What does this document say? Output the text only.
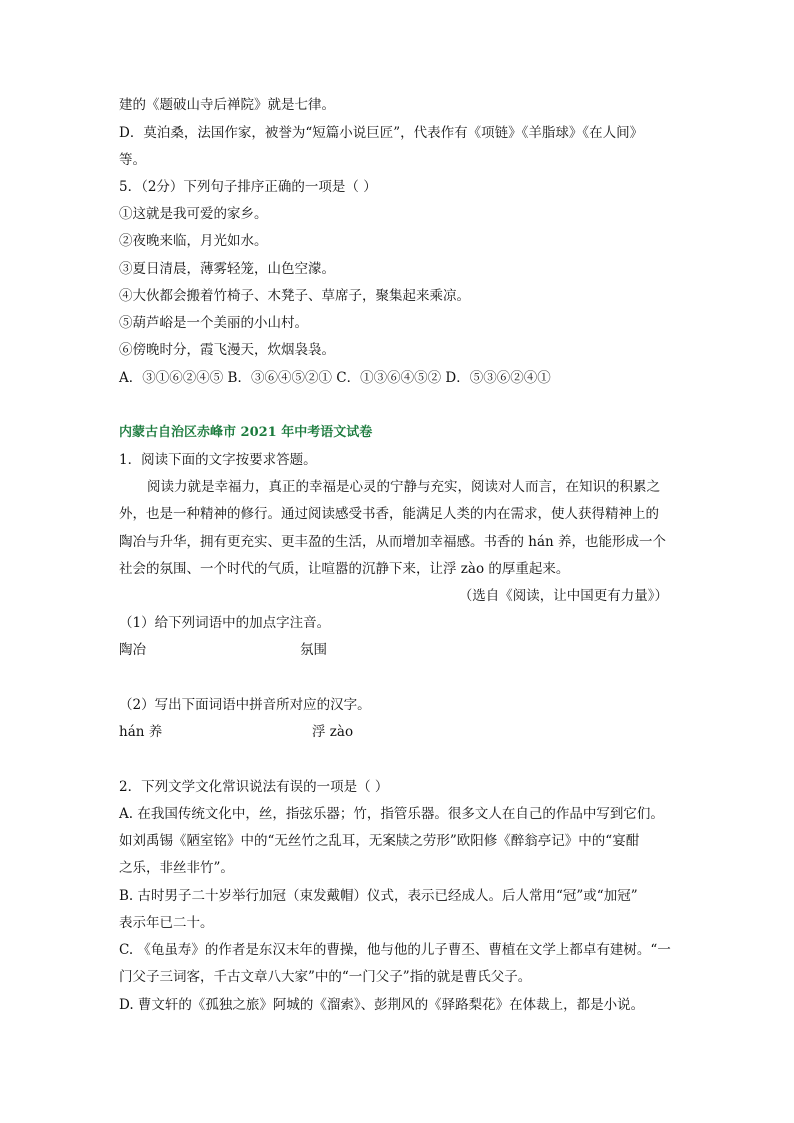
建的《题破山寺后禅院》就是七律。
D．莫泊桑，法国作家，被誉为“短篇小说巨匠”，代表作有《项链》《羊脂球》《在人间》
等。
5．（2分）下列句子排序正确的一项是（ ）
①这就是我可爱的家乡。
②夜晚来临，月光如水。
③夏日清晨，薄雾轻笼，山色空濛。
④大伙都会搬着竹椅子、木凳子、草席子，聚集起来乘凉。
⑤葫芦峪是一个美丽的小山村。
⑥傍晚时分，霞飞漫天，炊烟袅袅。
A．③①⑥②④⑤ B．③⑥④⑤②① C．①③⑥④⑤② D．⑤③⑥②④①
内蒙古自治区赤峰市 2021 年中考语文试卷
1．阅读下面的文字按要求答题。
阅读力就是幸福力，真正的幸福是心灵的宁静与充实，阅读对人而言，在知识的积累之
外，也是一种精神的修行。通过阅读感受书香，能满足人类的内在需求，使人获得精神上的
陶冶与升华，拥有更充实、更丰盈的生活，从而增加幸福感。书香的 hán 养，也能形成一个
社会的氛围、一个时代的气质，让喧嚣的沉静下来，让浮 zào 的厚重起来。
（选自《阅读，让中国更有力量》）
（1）给下列词语中的加点字注音。
陶冶	氛围
（2）写出下面词语中拼音所对应的汉字。
hán 养	浮 zào
2．下列文学文化常识说法有误的一项是（ ）
A. 在我国传统文化中，丝，指弦乐器；竹，指管乐器。很多文人在自己的作品中写到它们。
如刘禹锡《陋室铭》中的“无丝竹之乱耳，无案牍之劳形”欧阳修《醉翁亭记》中的“宴酣
之乐，非丝非竹”。
B. 古时男子二十岁举行加冠（束发戴帽）仪式，表示已经成人。后人常用“冠”或“加冠”
表示年已二十。
C. 《龟虽寿》的作者是东汉末年的曹操，他与他的儿子曹丕、曹植在文学上都卓有建树。“一
门父子三词客，千古文章八大家”中的“一门父子”指的就是曹氏父子。
D. 曹文轩的《孤独之旅》阿城的《溜索》、彭荆风的《驿路梨花》在体裁上，都是小说。
